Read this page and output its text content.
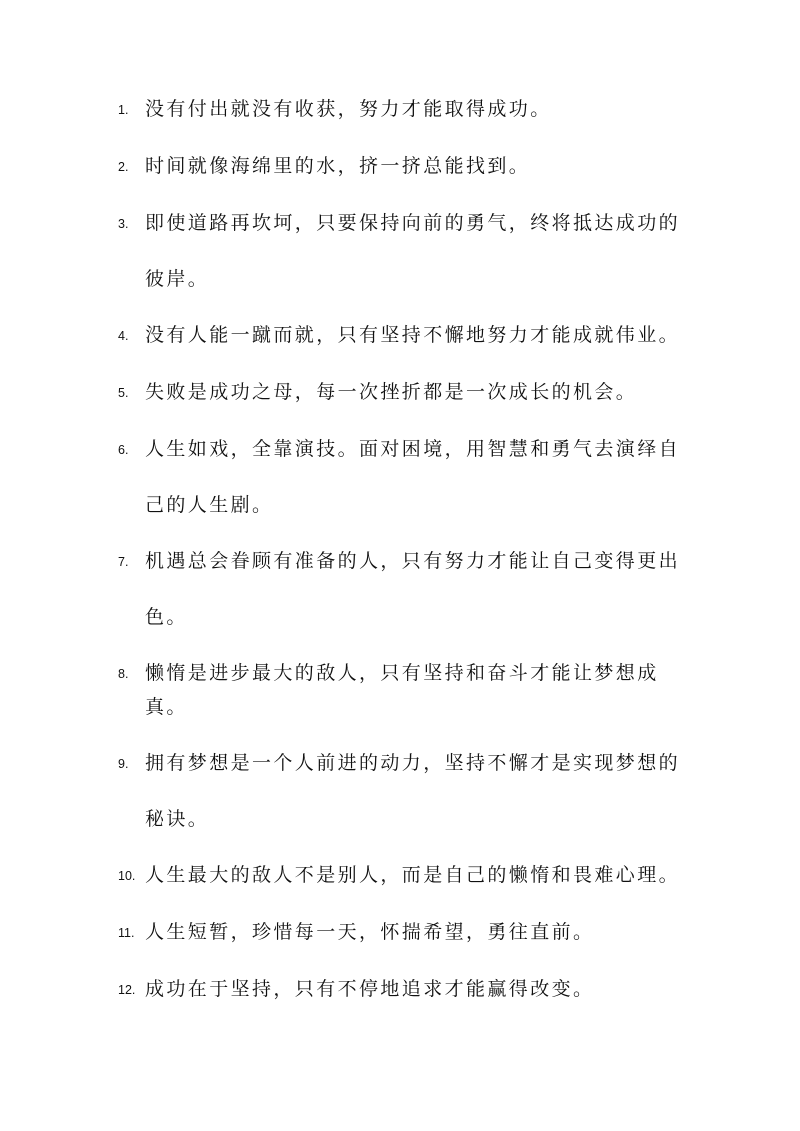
1. 没有付出就没有收获，努力才能取得成功。
2. 时间就像海绵里的水，挤一挤总能找到。
3. 即使道路再坎坷，只要保持向前的勇气，终将抵达成功的彼岸。
4. 没有人能一蹴而就，只有坚持不懈地努力才能成就伟业。
5. 失败是成功之母，每一次挫折都是一次成长的机会。
6. 人生如戏，全靠演技。面对困境，用智慧和勇气去演绎自己的人生剧。
7. 机遇总会眷顾有准备的人，只有努力才能让自己变得更出色。
8. 懒惰是进步最大的敌人，只有坚持和奋斗才能让梦想成真。
9. 拥有梦想是一个人前进的动力，坚持不懈才是实现梦想的秘诀。
10. 人生最大的敌人不是别人，而是自己的懒惰和畏难心理。
11. 人生短暂，珍惜每一天，怀揣希望，勇往直前。
12. 成功在于坚持，只有不停地追求才能赢得改变。
